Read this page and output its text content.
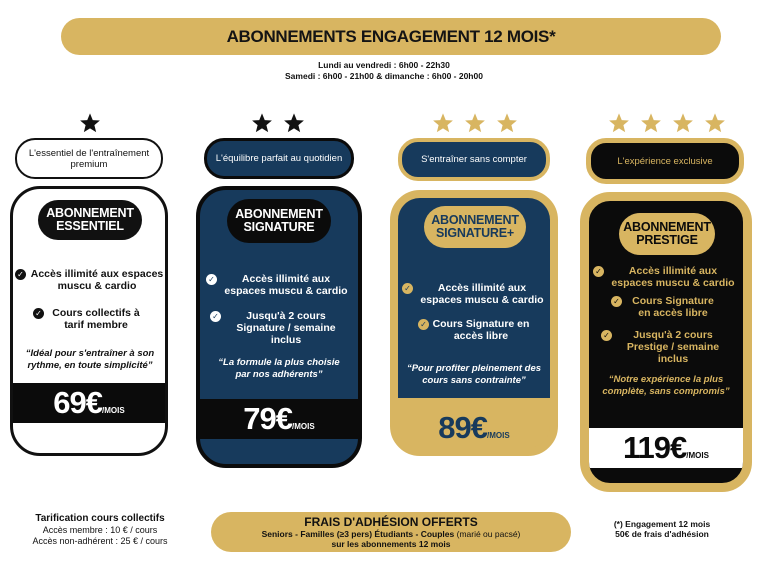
ABONNEMENTS ENGAGEMENT 12 MOIS*
Lundi au vendredi : 6h00 - 22h30
Samedi : 6h00 - 21h00 & dimanche : 6h00 - 20h00
L'essentiel de l'entraînement premium
ABONNEMENT
ESSENTIEL
✓ Accès illimité aux espaces muscu & cardio
✓ Cours collectifs à tarif membre
“Idéal pour s'entraîner à son rythme, en toute simplicité”
69€ /MOIS
L'équilibre parfait au quotidien
ABONNEMENT
SIGNATURE
✓	Accès illimité aux espaces muscu & cardio
✓	Jusqu'à 2 cours Signature / semaine inclus
“La formule la plus choisie par nos adhérents”
79€ /MOIS
S'entraîner sans compter
ABONNEMENT
SIGNATURE+
✓	Accès illimité aux espaces muscu & cardio
✓ Cours Signature en accès libre
“Pour profiter pleinement des cours sans contrainte”
89€ /MOIS
L'expérience exclusive
ABONNEMENT
PRESTIGE
✓	Accès illimité aux espaces muscu & cardio
✓	Cours Signature en accès libre
✓	Jusqu'à 2 cours Prestige / semaine inclus
“Notre expérience la plus complète, sans compromis”
119€ /MOIS
Tarification cours collectifs
Accès membre : 10 € / cours
Accès non-adhérent : 25 € / cours
FRAIS D'ADHÉSION OFFERTS
Seniors - Familles (≥3 pers) Étudiants - Couples (marié ou pacsé)
sur les abonnements 12 mois
(*) Engagement 12 mois
50€ de frais d'adhésion
